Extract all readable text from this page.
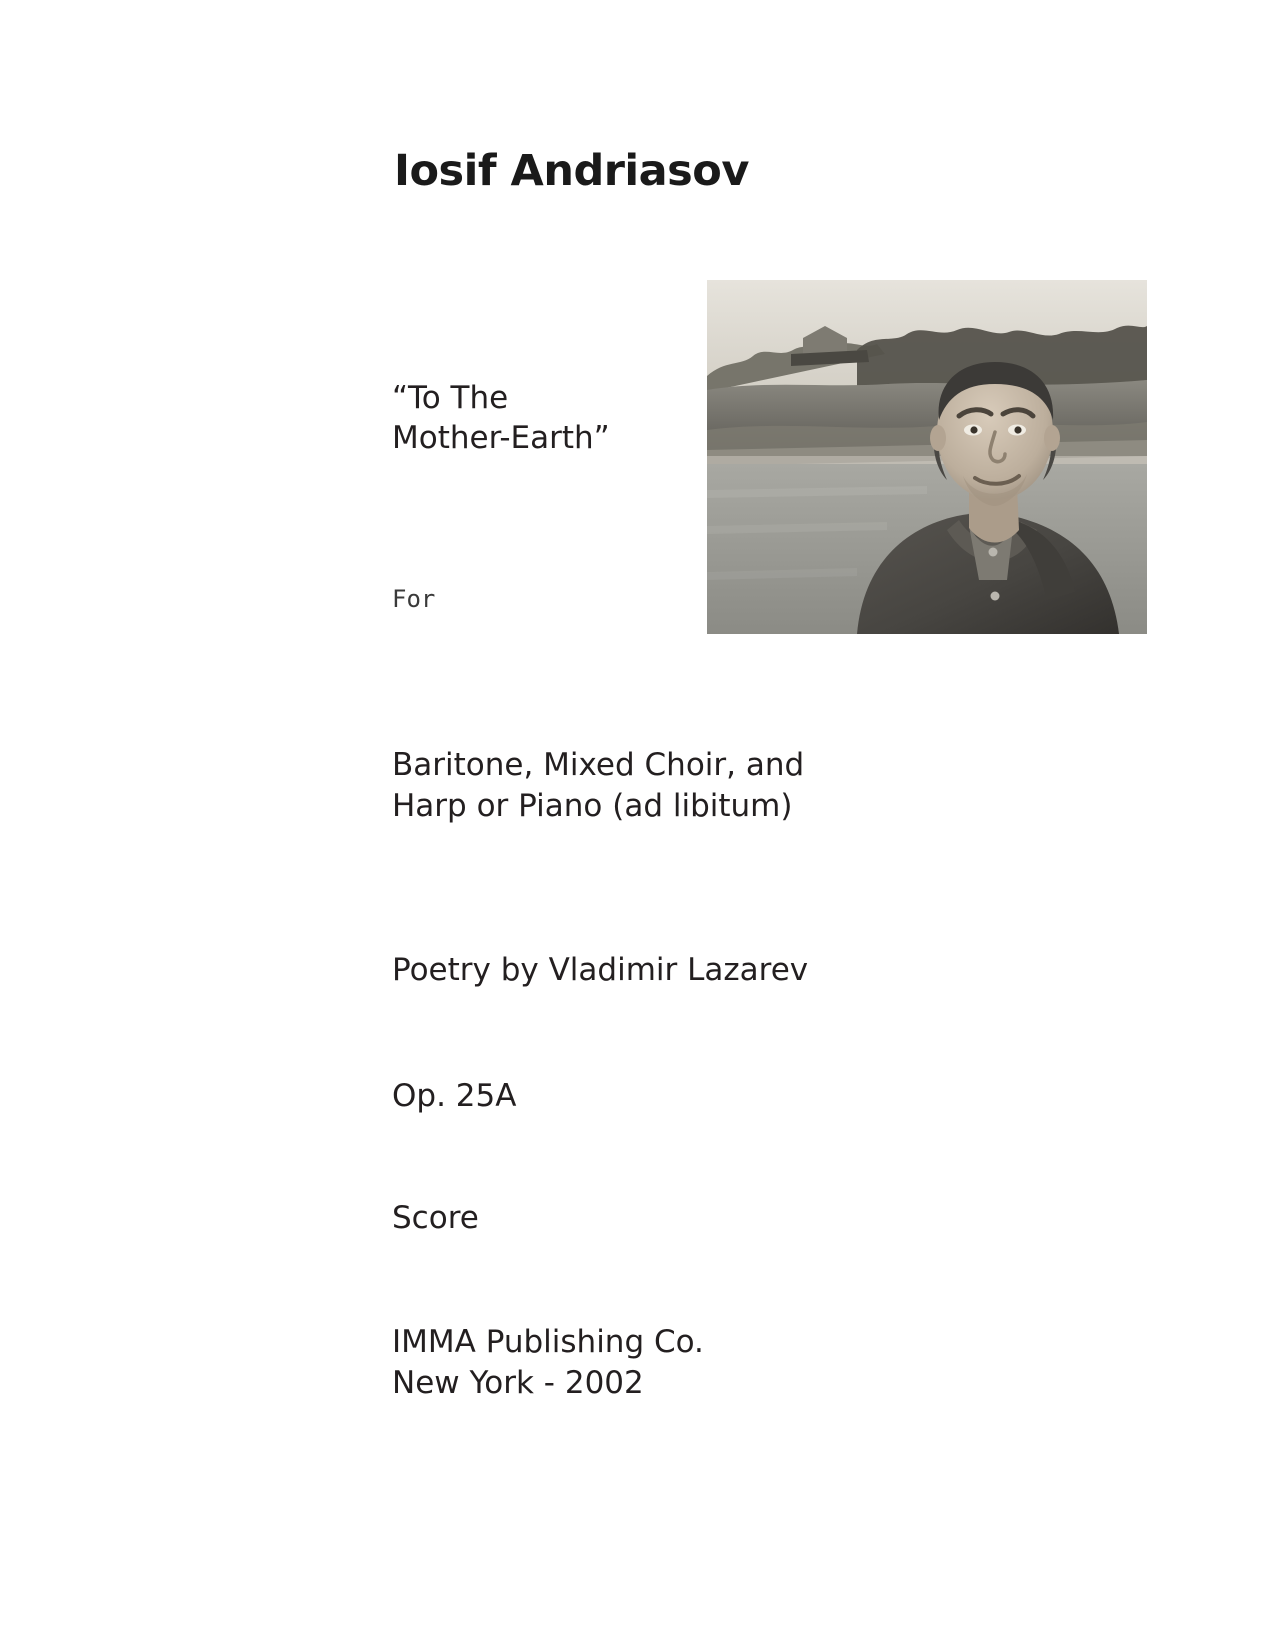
Iosif Andriasov
“To The
Mother-Earth”
For
Baritone, Mixed Choir, and
Harp or Piano (ad libitum)
Poetry by Vladimir Lazarev
Op. 25A
Score
IMMA Publishing Co.
New York - 2002
